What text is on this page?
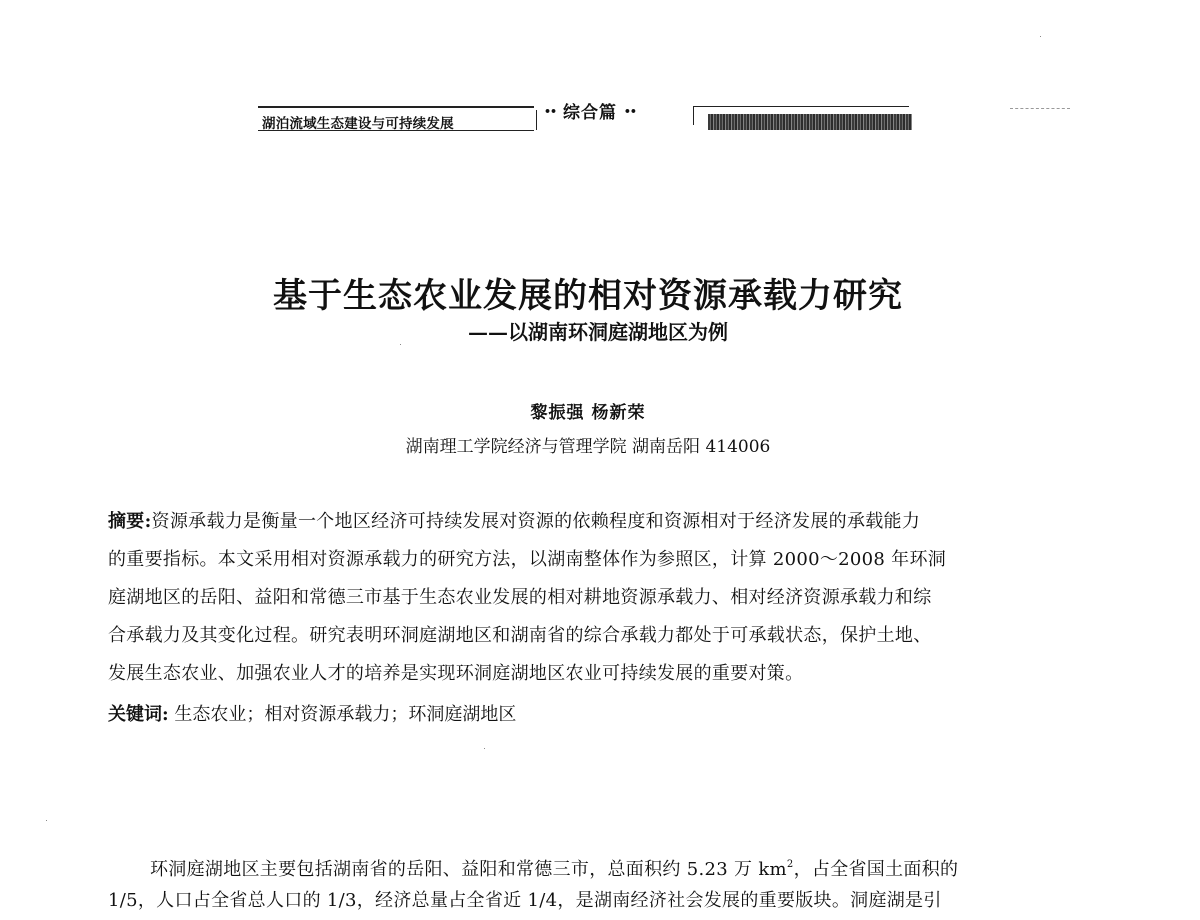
湖泊流域生态建设与可持续发展
•• 综合篇 ••
基于生态农业发展的相对资源承载力研究
——以湖南环洞庭湖地区为例
黎振强 杨新荣
湖南理工学院经济与管理学院 湖南岳阳 414006
摘要:资源承载力是衡量一个地区经济可持续发展对资源的依赖程度和资源相对于经济发展的承载能力
的重要指标。本文采用相对资源承载力的研究方法，以湖南整体作为参照区，计算 2000～2008 年环洞
庭湖地区的岳阳、益阳和常德三市基于生态农业发展的相对耕地资源承载力、相对经济资源承载力和综
合承载力及其变化过程。研究表明环洞庭湖地区和湖南省的综合承载力都处于可承载状态，保护土地、
发展生态农业、加强农业人才的培养是实现环洞庭湖地区农业可持续发展的重要对策。
关键词: 生态农业；相对资源承载力；环洞庭湖地区
环洞庭湖地区主要包括湖南省的岳阳、益阳和常德三市，总面积约 5.23 万 $km^2$，占全省国土面积的
1/5，人口占全省总人口的 1/3，经济总量占全省近 1/4，是湖南经济社会发展的重要版块。洞庭湖是引
